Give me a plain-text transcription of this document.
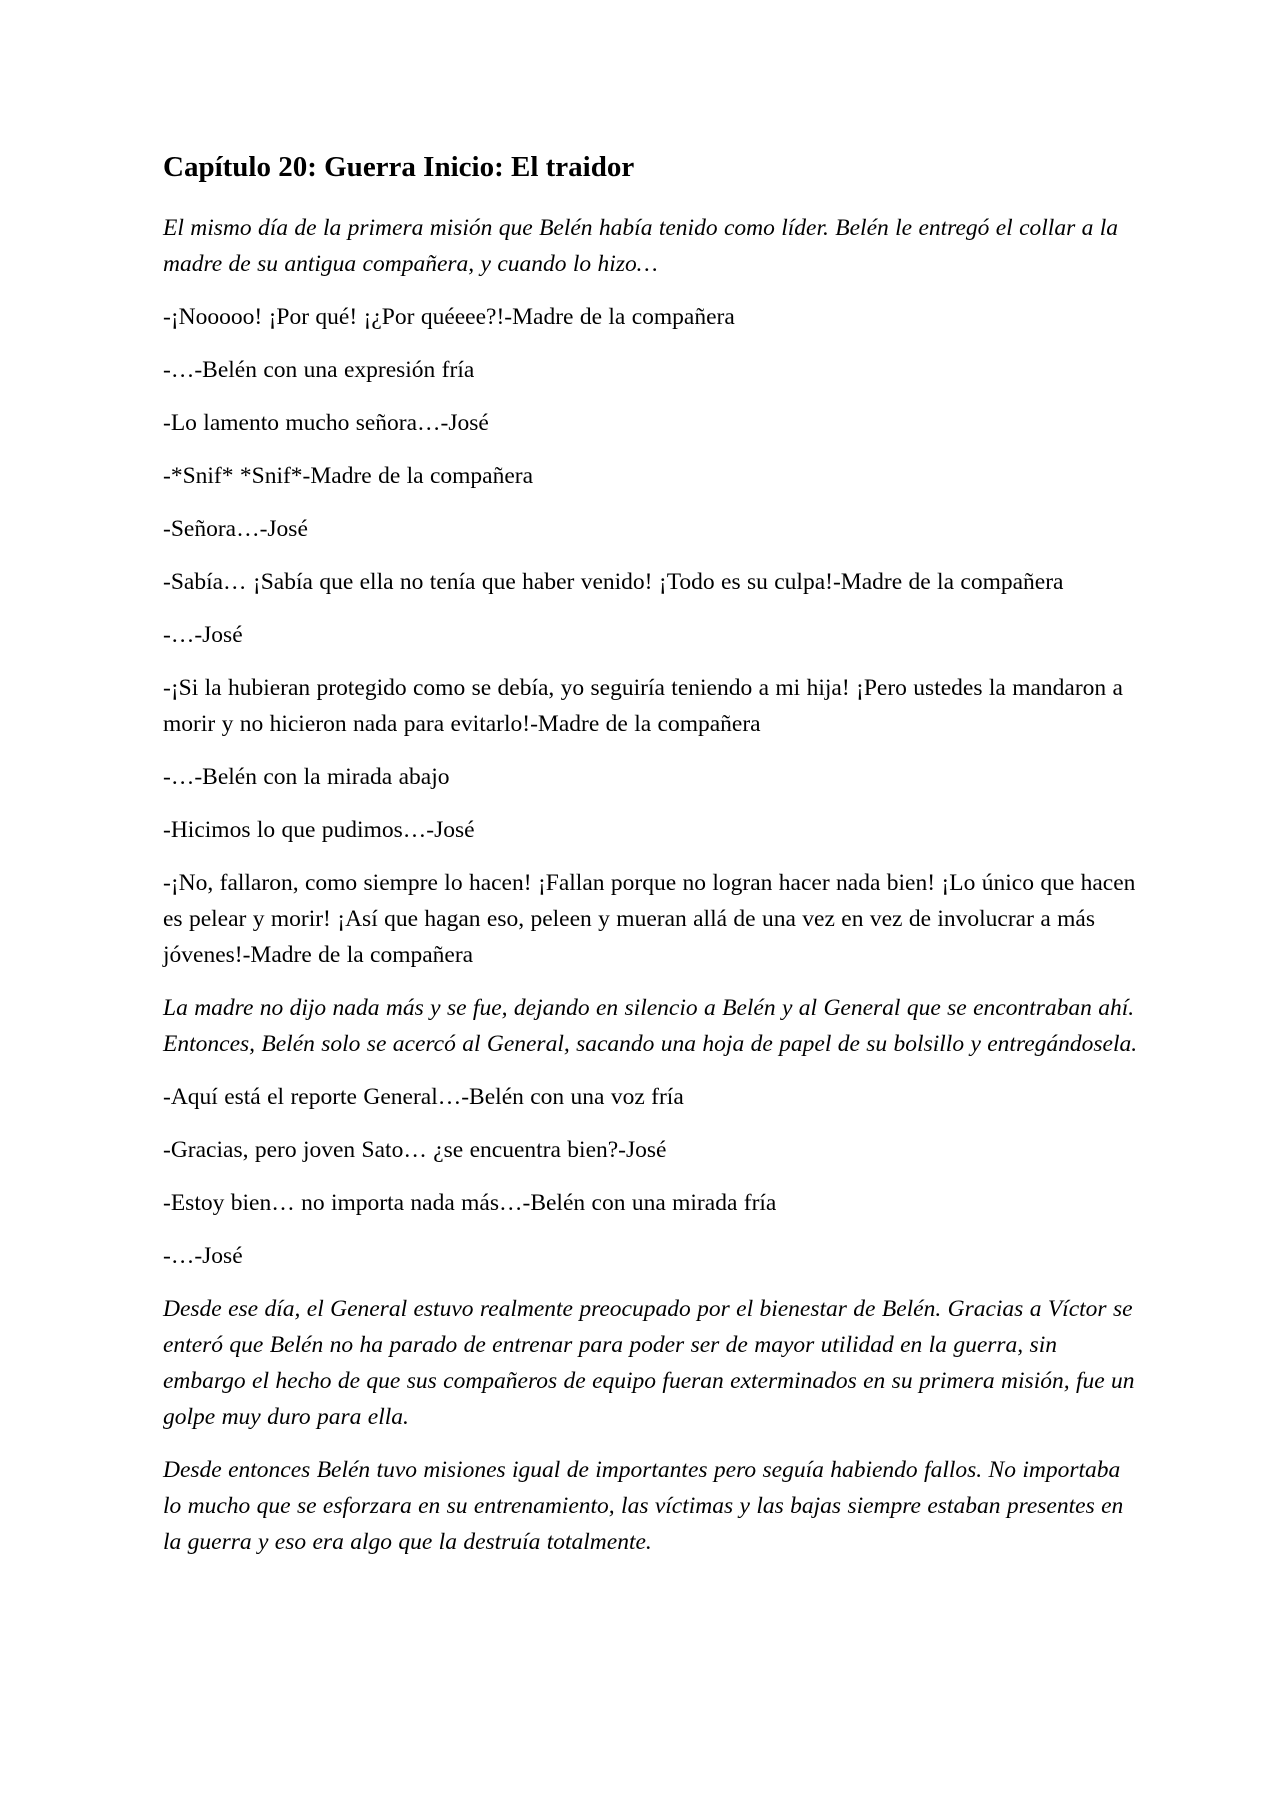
Capítulo 20: Guerra Inicio: El traidor

El mismo día de la primera misión que Belén había tenido como líder. Belén le entregó el collar a la madre de su antigua compañera, y cuando lo hizo…

-¡Nooooo! ¡Por qué! ¡¿Por quéeee?!-Madre de la compañera

-…-Belén con una expresión fría

-Lo lamento mucho señora…-José

-*Snif* *Snif*-Madre de la compañera

-Señora…-José

-Sabía… ¡Sabía que ella no tenía que haber venido! ¡Todo es su culpa!-Madre de la compañera

-…-José

-¡Si la hubieran protegido como se debía, yo seguiría teniendo a mi hija! ¡Pero ustedes la mandaron a morir y no hicieron nada para evitarlo!-Madre de la compañera

-…-Belén con la mirada abajo

-Hicimos lo que pudimos…-José

-¡No, fallaron, como siempre lo hacen! ¡Fallan porque no logran hacer nada bien! ¡Lo único que hacen es pelear y morir! ¡Así que hagan eso, peleen y mueran allá de una vez en vez de involucrar a más jóvenes!-Madre de la compañera

La madre no dijo nada más y se fue, dejando en silencio a Belén y al General que se encontraban ahí. Entonces, Belén solo se acercó al General, sacando una hoja de papel de su bolsillo y entregándosela.

-Aquí está el reporte General…-Belén con una voz fría

-Gracias, pero joven Sato… ¿se encuentra bien?-José

-Estoy bien… no importa nada más…-Belén con una mirada fría

-…-José

Desde ese día, el General estuvo realmente preocupado por el bienestar de Belén. Gracias a Víctor se enteró que Belén no ha parado de entrenar para poder ser de mayor utilidad en la guerra, sin embargo el hecho de que sus compañeros de equipo fueran exterminados en su primera misión, fue un golpe muy duro para ella.

Desde entonces Belén tuvo misiones igual de importantes pero seguía habiendo fallos. No importaba lo mucho que se esforzara en su entrenamiento, las víctimas y las bajas siempre estaban presentes en la guerra y eso era algo que la destruía totalmente.
